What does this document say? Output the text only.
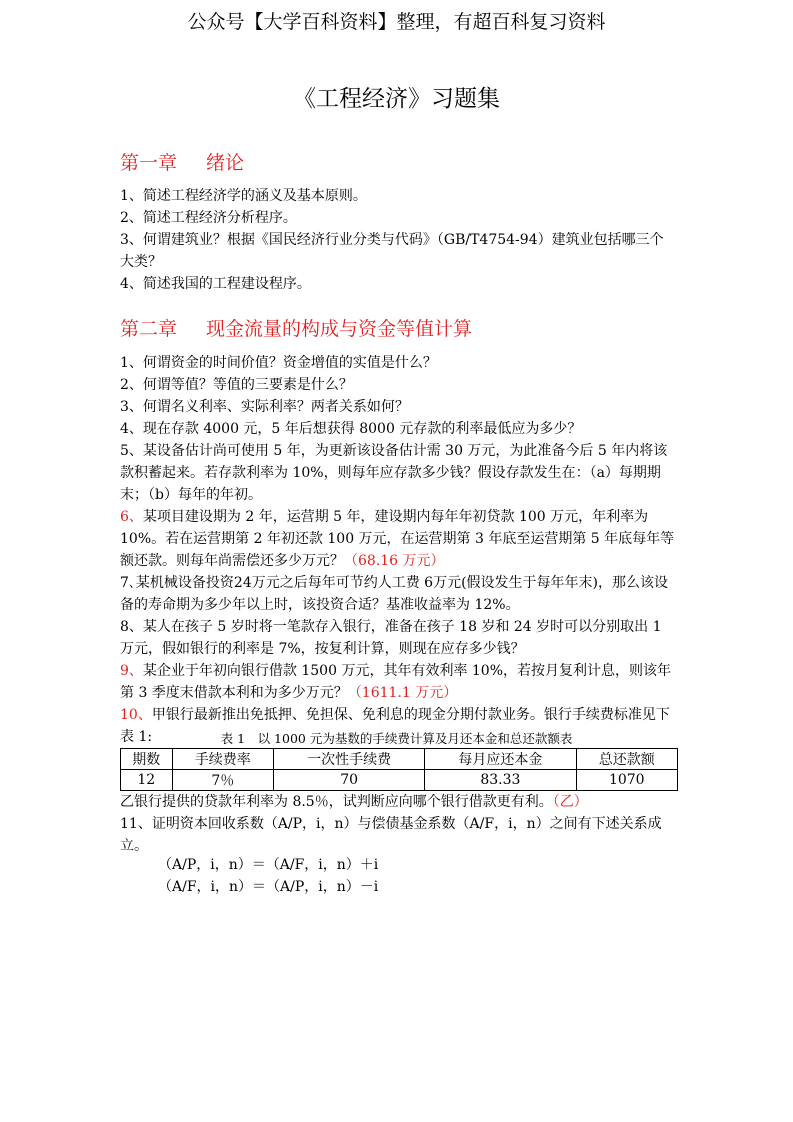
公众号【大学百科资料】整理，有超百科复习资料
《工程经济》习题集
第一章 绪论

1、简述工程经济学的涵义及基本原则。

2、简述工程经济分析程序。

3、何谓建筑业？根据《国民经济行业分类与代码》（GB/T4754-94）建筑业包括哪三个大类？

4、简述我国的工程建设程序。

第二章 现金流量的构成与资金等值计算

1、何谓资金的时间价值？资金增值的实值是什么？

2、何谓等值？等值的三要素是什么？

3、何谓名义利率、实际利率？两者关系如何？

4、现在存款 4000 元，5 年后想获得 8000 元存款的利率最低应为多少？

5、某设备估计尚可使用 5 年，为更新该设备估计需 30 万元，为此准备今后 5 年内将该款积蓄起来。若存款利率为 10%，则每年应存款多少钱？假设存款发生在：（a）每期期末；（b）每年的年初。

6、某项目建设期为 2 年，运营期 5 年，建设期内每年年初贷款 100 万元，年利率为 10%。若在运营期第 2 年初还款 100 万元，在运营期第 3 年底至运营期第 5 年底每年等额还款。则每年尚需偿还多少万元？（68.16 万元）

7､某机械设备投资24万元之后每年可节约人工费 6万元(假设发生于每年年末)，那么该设备的寿命期为多少年以上时，该投资合适？基准收益率为 12%。

8、某人在孩子 5 岁时将一笔款存入银行，准备在孩子 18 岁和 24 岁时可以分别取出 1 万元，假如银行的利率是 7%，按复利计算，则现在应存多少钱？

9、某企业于年初向银行借款 1500 万元，其年有效利率 10%，若按月复利计息，则该年第 3 季度末借款本利和为多少万元？（1611.1 万元）

10、甲银行最新推出免抵押、免担保、免利息的现金分期付款业务。银行手续费标准见下表 1:	表 1　以 1000 元为基数的手续费计算及月还本金和总还款额表
期数	手续费率	一次性手续费	每月应还本金	总还款额
12	7％	70	83.33	1070

乙银行提供的贷款年利率为 8.5％，试判断应向哪个银行借款更有利。（乙）

11、证明资本回收系数（A/P，i，n）与偿债基金系数（A/F，i，n）之间有下述关系成立。

（A/P，i，n）＝（A/F，i，n）＋i
（A/F，i，n）＝（A/P，i，n）－i
